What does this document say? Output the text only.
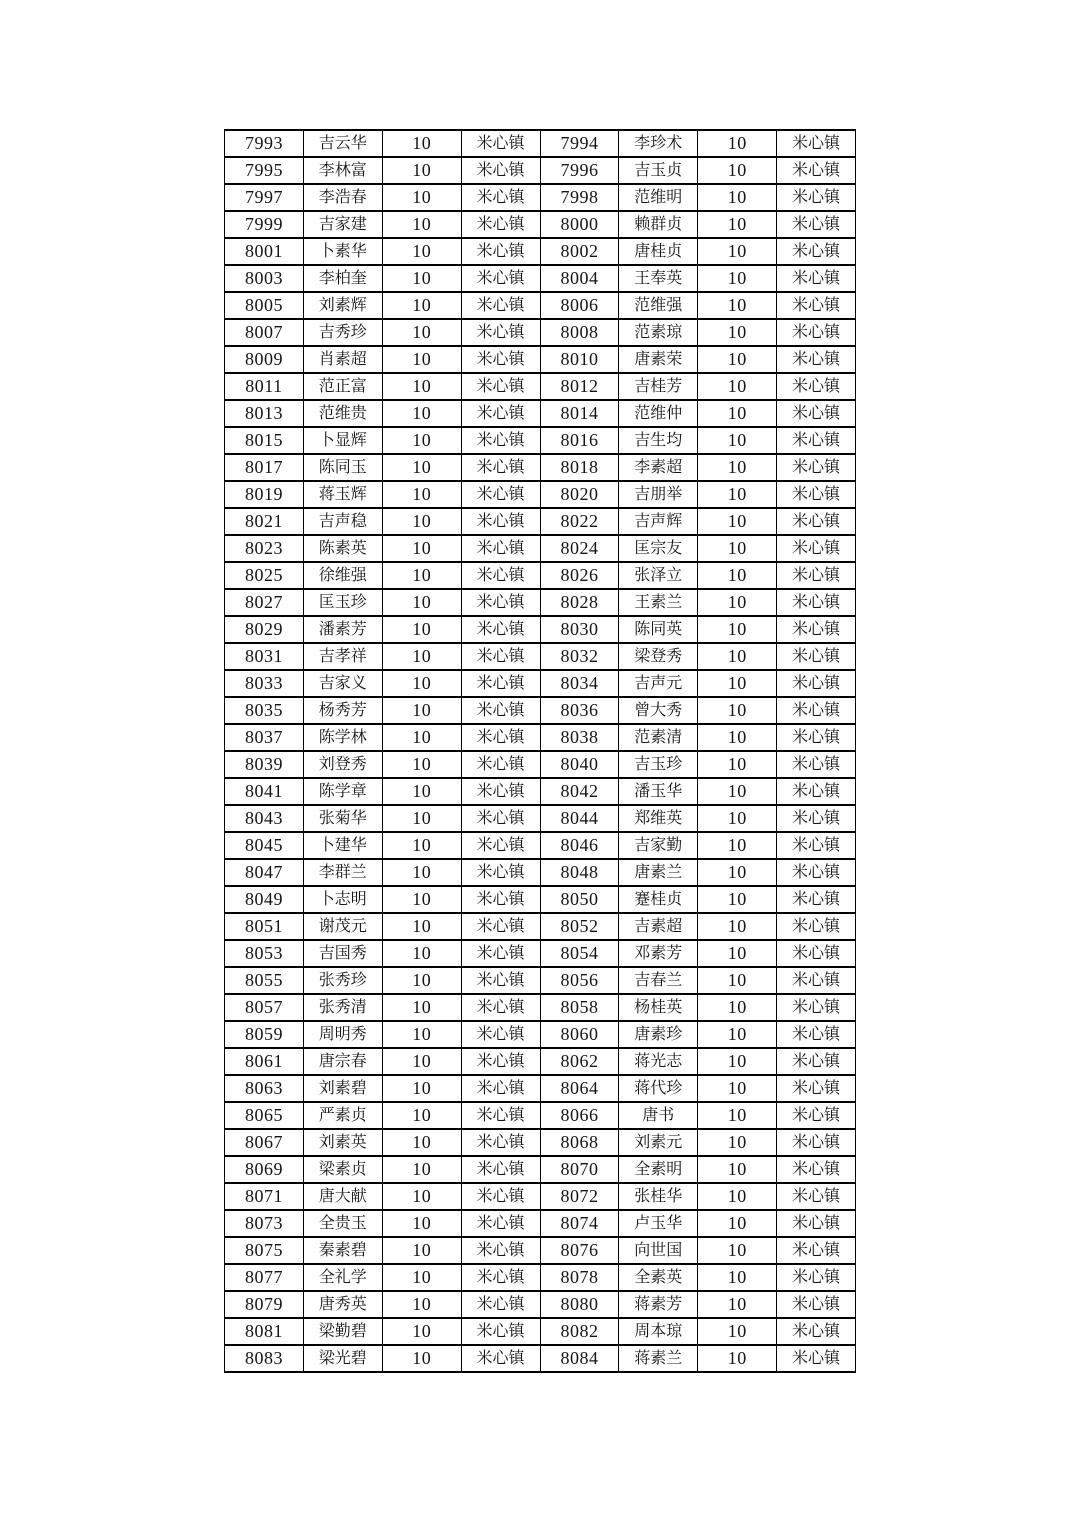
7993	吉云华	10	米心镇	7994	李珍术	10	米心镇
7995	李林富	10	米心镇	7996	吉玉贞	10	米心镇
7997	李浩春	10	米心镇	7998	范维明	10	米心镇
7999	吉家建	10	米心镇	8000	赖群贞	10	米心镇
8001	卜素华	10	米心镇	8002	唐桂贞	10	米心镇
8003	李柏奎	10	米心镇	8004	王奉英	10	米心镇
8005	刘素辉	10	米心镇	8006	范维强	10	米心镇
8007	吉秀珍	10	米心镇	8008	范素琼	10	米心镇
8009	肖素超	10	米心镇	8010	唐素荣	10	米心镇
8011	范正富	10	米心镇	8012	吉桂芳	10	米心镇
8013	范维贵	10	米心镇	8014	范维仲	10	米心镇
8015	卜显辉	10	米心镇	8016	吉生均	10	米心镇
8017	陈同玉	10	米心镇	8018	李素超	10	米心镇
8019	蒋玉辉	10	米心镇	8020	吉朋举	10	米心镇
8021	吉声稳	10	米心镇	8022	吉声辉	10	米心镇
8023	陈素英	10	米心镇	8024	匡宗友	10	米心镇
8025	徐维强	10	米心镇	8026	张泽立	10	米心镇
8027	匡玉珍	10	米心镇	8028	王素兰	10	米心镇
8029	潘素芳	10	米心镇	8030	陈同英	10	米心镇
8031	吉孝祥	10	米心镇	8032	梁登秀	10	米心镇
8033	吉家义	10	米心镇	8034	吉声元	10	米心镇
8035	杨秀芳	10	米心镇	8036	曾大秀	10	米心镇
8037	陈学林	10	米心镇	8038	范素清	10	米心镇
8039	刘登秀	10	米心镇	8040	吉玉珍	10	米心镇
8041	陈学章	10	米心镇	8042	潘玉华	10	米心镇
8043	张菊华	10	米心镇	8044	郑维英	10	米心镇
8045	卜建华	10	米心镇	8046	吉家勤	10	米心镇
8047	李群兰	10	米心镇	8048	唐素兰	10	米心镇
8049	卜志明	10	米心镇	8050	蹇桂贞	10	米心镇
8051	谢茂元	10	米心镇	8052	吉素超	10	米心镇
8053	吉国秀	10	米心镇	8054	邓素芳	10	米心镇
8055	张秀珍	10	米心镇	8056	吉春兰	10	米心镇
8057	张秀清	10	米心镇	8058	杨桂英	10	米心镇
8059	周明秀	10	米心镇	8060	唐素珍	10	米心镇
8061	唐宗春	10	米心镇	8062	蒋光志	10	米心镇
8063	刘素碧	10	米心镇	8064	蒋代珍	10	米心镇
8065	严素贞	10	米心镇	8066	唐书	10	米心镇
8067	刘素英	10	米心镇	8068	刘素元	10	米心镇
8069	梁素贞	10	米心镇	8070	全素明	10	米心镇
8071	唐大献	10	米心镇	8072	张桂华	10	米心镇
8073	全贵玉	10	米心镇	8074	卢玉华	10	米心镇
8075	秦素碧	10	米心镇	8076	向世国	10	米心镇
8077	全礼学	10	米心镇	8078	全素英	10	米心镇
8079	唐秀英	10	米心镇	8080	蒋素芳	10	米心镇
8081	梁勤碧	10	米心镇	8082	周本琼	10	米心镇
8083	梁光碧	10	米心镇	8084	蒋素兰	10	米心镇
